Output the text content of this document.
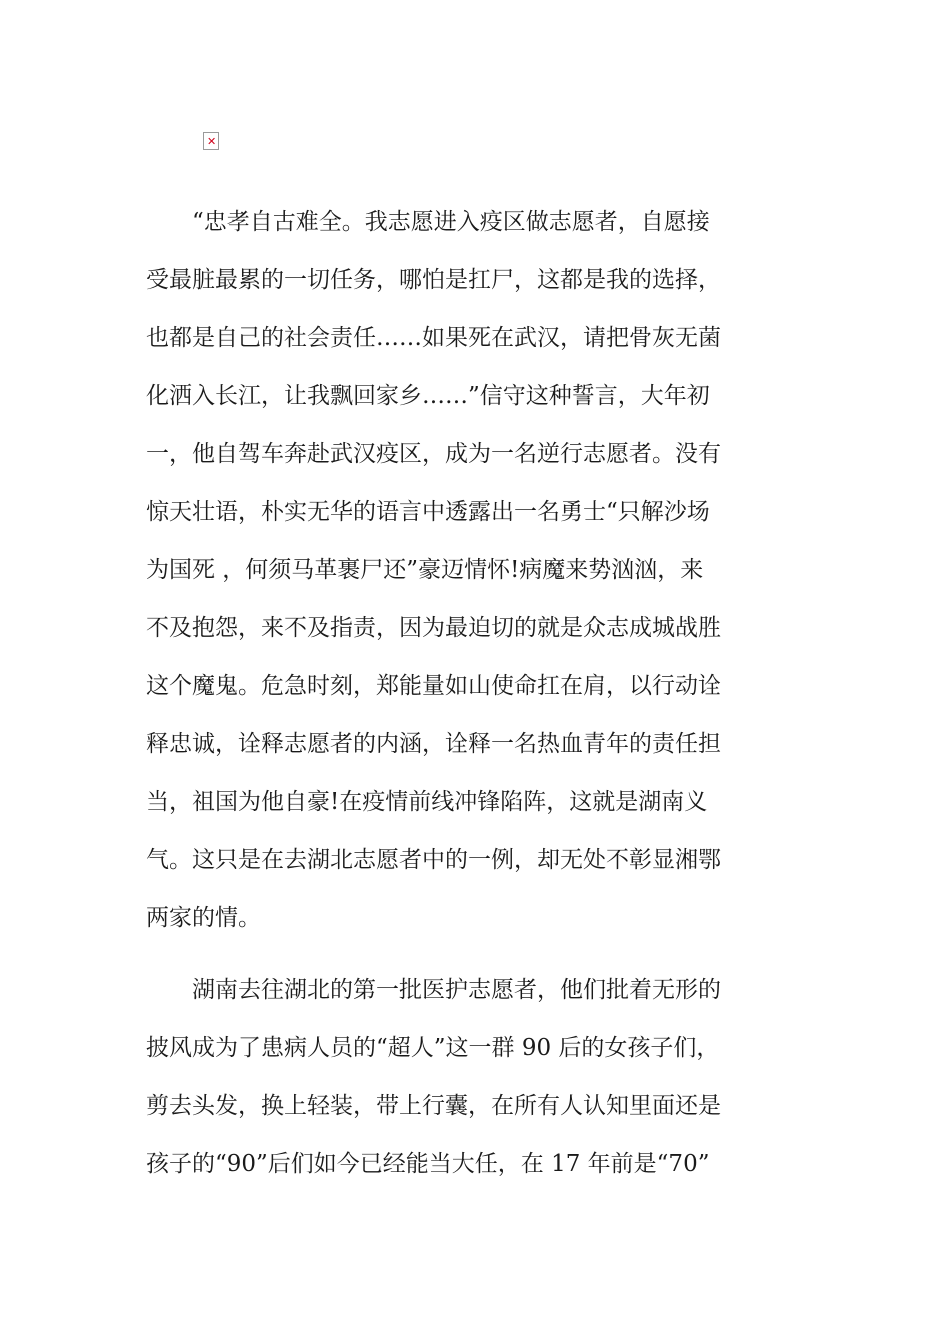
✕
“忠孝自古难全。我志愿进入疫区做志愿者，自愿接
受最脏最累的一切任务，哪怕是扛尸，这都是我的选择，
也都是自己的社会责任……如果死在武汉，请把骨灰无菌
化洒入长江，让我飘回家乡……”信守这种誓言，大年初
一，他自驾车奔赴武汉疫区，成为一名逆行志愿者。没有
惊天壮语，朴实无华的语言中透露出一名勇士“只解沙场
为国死 ，何须马革裹尸还”豪迈情怀!病魔来势汹汹，来
不及抱怨，来不及指责，因为最迫切的就是众志成城战胜
这个魔鬼。危急时刻，郑能量如山使命扛在肩，以行动诠
释忠诚，诠释志愿者的内涵，诠释一名热血青年的责任担
当，祖国为他自豪!在疫情前线冲锋陷阵，这就是湖南义
气。这只是在去湖北志愿者中的一例，却无处不彰显湘鄂
两家的情。
湖南去往湖北的第一批医护志愿者，他们批着无形的
披风成为了患病人员的“超人”这一群 90 后的女孩子们，
剪去头发，换上轻装，带上行囊，在所有人认知里面还是
孩子的“90”后们如今已经能当大任，在 17 年前是“70”
